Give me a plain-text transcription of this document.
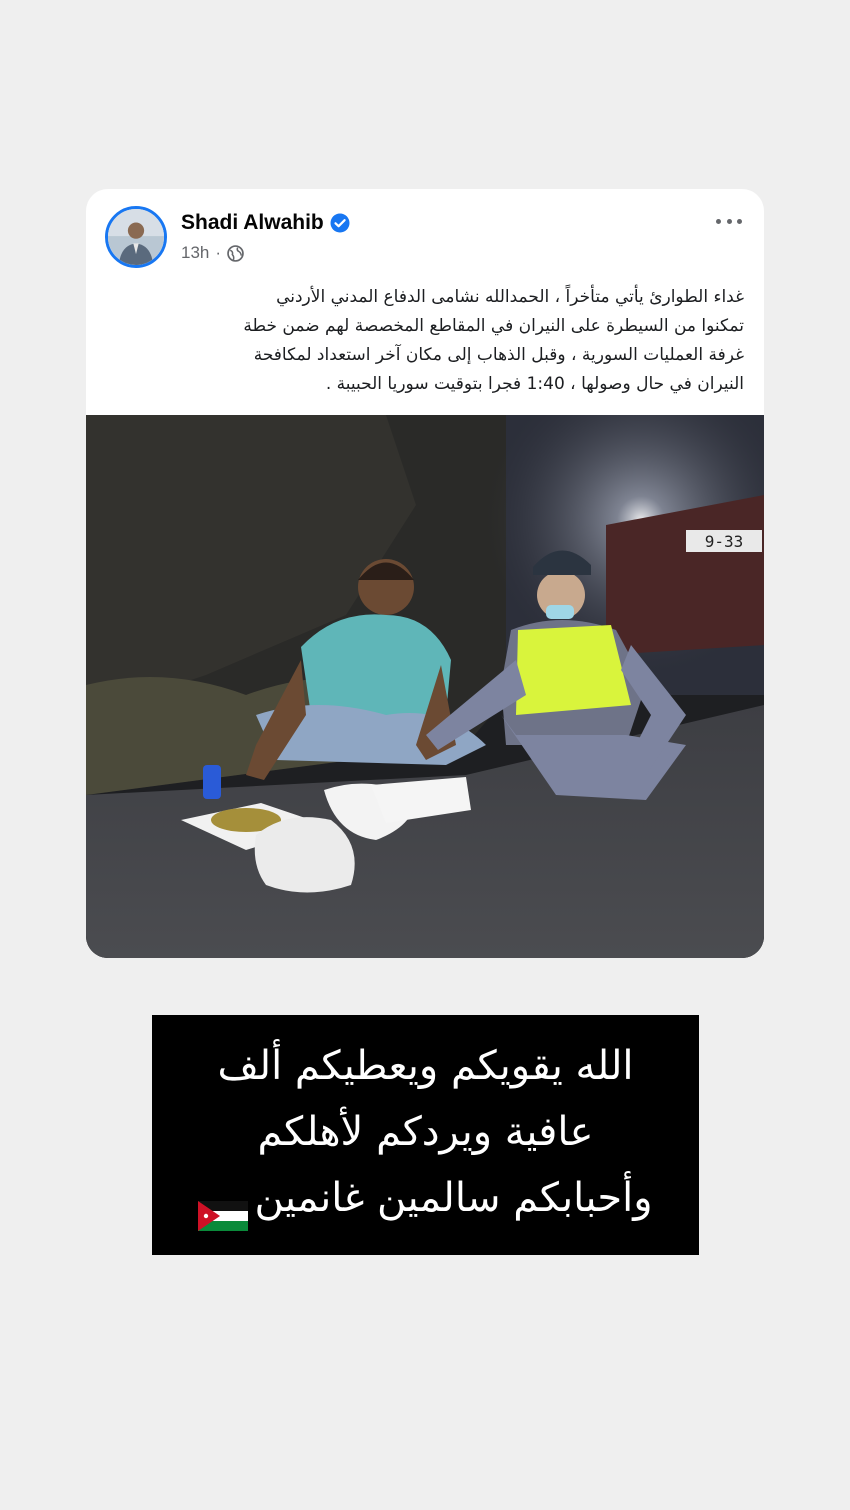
Shadi Alwahib
13h ·
غداء الطوارئ يأتي متأخراً ، الحمدالله نشامى الدفاع المدني الأردني
تمكنوا من السيطرة على النيران في المقاطع المخصصة لهم ضمن خطة
غرفة العمليات السورية ، وقبل الذهاب إلى مكان آخر استعداد لمكافحة
النيران في حال وصولها ، 1:40 فجرا بتوقيت سوريا الحبيبة .
9-33
الله يقويكم ويعطيكم ألف
عافية ويردكم لأهلكم
وأحبابكم سالمين غانمين
